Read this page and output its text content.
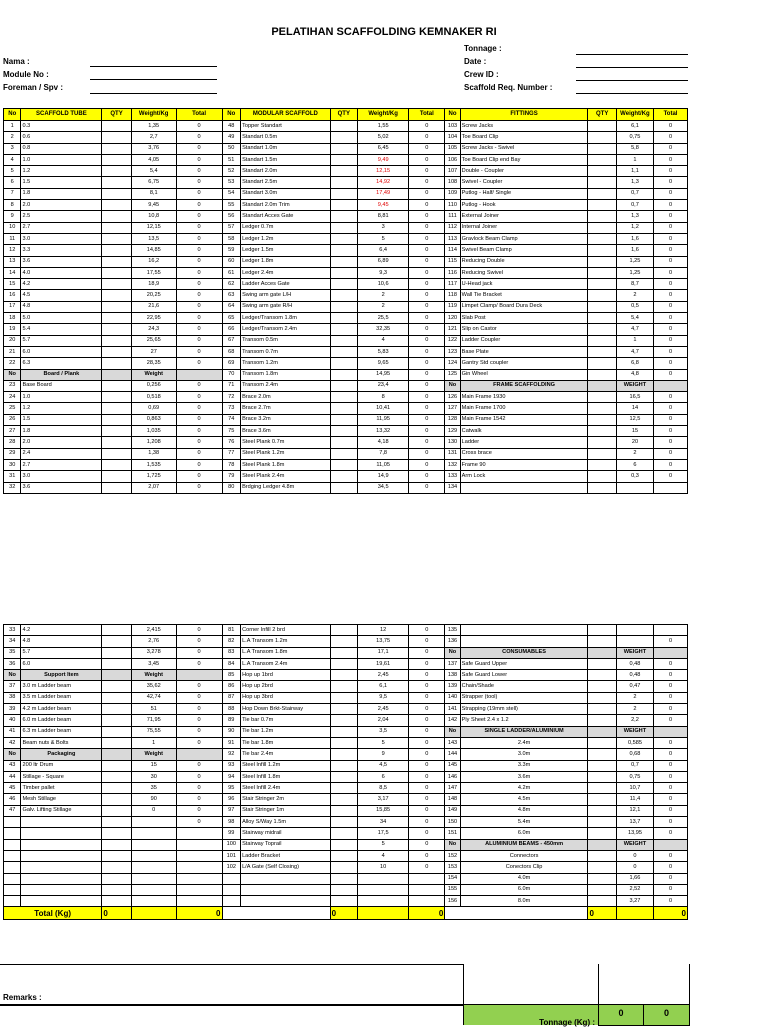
PELATIHAN SCAFFOLDING KEMNAKER RI
Nama :
Module No :
Foreman / Spv :
Tonnage :
Date :
Crew ID :
Scaffold Req. Number :
No	SCAFFOLD TUBE	QTY	Weight/Kg	Total	No	MODULAR SCAFFOLD	QTY	Weight/Kg	Total	No	FITTINGS	QTY	Weight/Kg	Total
1	0.3		1,35	0	48	Topper Standart		1,55	0	103	Screw Jacks		6,1	0
2	0.6		2,7	0	49	Standart 0.5m		5,02	0	104	Toe Board Clip		0,75	0
3	0.8		3,76	0	50	Standart 1.0m		6,45	0	105	Screw Jacks - Swivel		5,8	0
4	1.0		4,05	0	51	Standart 1.5m		9,49	0	106	Toe Board Clip end Bay		1	0
5	1.2		5,4	0	52	Standart 2.0m		12,15	0	107	Double - Coupler		1,1	0
6	1.5		6,75	0	53	Standart 2.5m		14,92	0	108	Swivel - Coupler		1,3	0
7	1.8		8,1	0	54	Standart 3.0m		17,49	0	109	Putlog - Half/ Single		0,7	0
8	2.0		9,45	0	55	Standart 2.0m Trim		9,45	0	110	Putlog - Hook		0,7	0
9	2.5		10,8	0	56	Standart Acces Gate		8,81	0	111	External Joiner		1,3	0
10	2.7		12,15	0	57	Ledger 0.7m		3	0	112	Internal Joiner		1,2	0
11	3.0		13,5	0	58	Ledger 1.2m		5	0	113	Gravlock Beam Clamp		1,6	0
12	3.3		14,85	0	59	Ledger 1.5m		6,4	0	114	Swivel Beam Clamp		1,6	0
13	3.6		16,2	0	60	Ledger 1.8m		6,89	0	115	Reducing Double		1,25	0
14	4.0		17,55	0	61	Ledger 2.4m		9,3	0	116	Reducing Swivel		1,25	0
15	4.2		18,9	0	62	Ladder Acces Gate		10,6	0	117	U-Head jack		8,7	0
16	4.5		20,25	0	63	Swing arm gate L/H		2	0	118	Wall Tie Bracket		2	0
17	4.8		21,6	0	64	Swing arm gate R/H		2	0	119	Limpet Clamp/ Board Dura Deck		0,5	0
18	5.0		22,95	0	65	Ledger/Transom 1.8m		25,5	0	120	Slab Post		5,4	0
19	5.4		24,3	0	66	Ledger/Transom 2.4m		32,35	0	121	Slip on Castor		4,7	0
20	5.7		25,65	0	67	Transom 0.5m		4	0	122	Ladder Coupler		1	0
21	6.0		27	0	68	Transom 0.7m		5,83	0	123	Base Plate		4,7	0
22	6.3		28,35	0	69	Transom 1.2m		9,65	0	124	Gantry Std coupler		6,8	0
No	Board / Plank		Weight		70	Transom 1.8m		14,95	0	125	Gin Wheel		4,8	0
23	Base Board		0,256	0	71	Transom 2.4m		23,4	0	No	FRAME SCAFFOLDING		WEIGHT	
24	1.0		0,518	0	72	Brace 2.0m		8	0	126	Main Frame 1930		16,5	0
25	1.2		0,69	0	73	Brace 2.7m		10,41	0	127	Main Frame 1700		14	0
26	1.5		0,863	0	74	Brace 3.2m		11,95	0	128	Main Frame 1542		12,5	0
27	1.8		1,035	0	75	Brace 3.6m		13,32	0	129	Catwalk		15	0
28	2.0		1,208	0	76	Steel Plank 0.7m		4,18	0	130	Ladder		20	0
29	2.4		1,38	0	77	Steel Plank 1.2m		7,8	0	131	Cross brace		2	0
30	2.7		1,535	0	78	Steel Plank 1.8m		11,05	0	132	Frame 90		6	0
31	3.0		1,725	0	79	Steel Plank 2.4m		14,9	0	133	Arm Lock		0,3	0
32	3.6		2,07	0	80	Brdging Ledger 4.8m		34,5	0	134				
33	4.2		2,415	0	81	Corner Infill 2 brd		12	0	135				
34	4.8		2,76	0	82	L.A Transom 1.2m		13,75	0	136				0
35	5.7		3,278	0	83	L.A Transom 1.8m		17,1	0	No	CONSUMABLES		WEIGHT	
36	6.0		3,45	0	84	L.A Transom 2.4m		19,61	0	137	Safe Guard Upper		0,48	0
No	Support Item		Weight		85	Hop up 1brd		2,45	0	138	Safe Guard Lower		0,48	0
37	3.0 m Ladder beam		35,62	0	86	Hop up 2brd		6,1	0	139	Chain/Shade		0,47	0
38	3.5 m Ladder beam		42,74	0	87	Hop up 3brd		9,5	0	140	Strapper (tool)		2	0
39	4.2 m Ladder beam		51	0	88	Hop Down Brkt-Stairway		2,45	0	141	Strapping (19mm stell)		2	0
40	6.0 m Ladder beam		71,95	0	89	Tie bar 0.7m		2,04	0	142	Ply Sheet 2.4 x 1.2		2,2	0
41	6.3 m Ladder beam		75,55	0	90	Tie bar 1.2m		3,5	0	No	SINGLE LADDER/ALUMINIUM		WEIGHT	
42	Beam nuts & Bolts		1	0	91	Tie bar 1.8m		5	0	143	2.4m		0,585	0
No	Packaging		Weight		92	Tie bar 2.4m		9	0	144	3.0m		0,68	0
43	200 ltr Drum		15	0	93	Steel Infill 1.2m		4,5	0	145	3.3m		0,7	0
44	Stillage - Square		30	0	94	Steel Infill 1.8m		6	0	146	3.6m		0,75	0
45	Timber pallet		35	0	95	Steel Infill 2.4m		8,5	0	147	4.2m		10,7	0
46	Mesh Stillage		90	0	96	Stair Stringer 2m		3,17	0	148	4.5m		11,4	0
47	Galv. Lifting Stillage		0	0	97	Stair Stringer 1m		15,85	0	149	4.8m		12,1	0
				0	98	Alloy S/Way 1.5m		34	0	150	5.4m		13,7	0
					99	Stairway midrail		17,5	0	151	6.0m		13,95	0
					100	Stairway Toprail		5	0	No	ALUMINIUM BEAMS - 450mm		WEIGHT	
					101	Ladder Bracket		4	0	152	Connectors		0	0
					102	L/A Gate (Self Closing)		10	0	153	Conectors Clip		0	0
										154	4.0m		1,66	0
										155	6.0m		2,52	0
										156	8.0m		3,27	0
Total (Kg)		0		0			0		0			0		0
Remarks :
Tonnage (Kg) :
0	0
